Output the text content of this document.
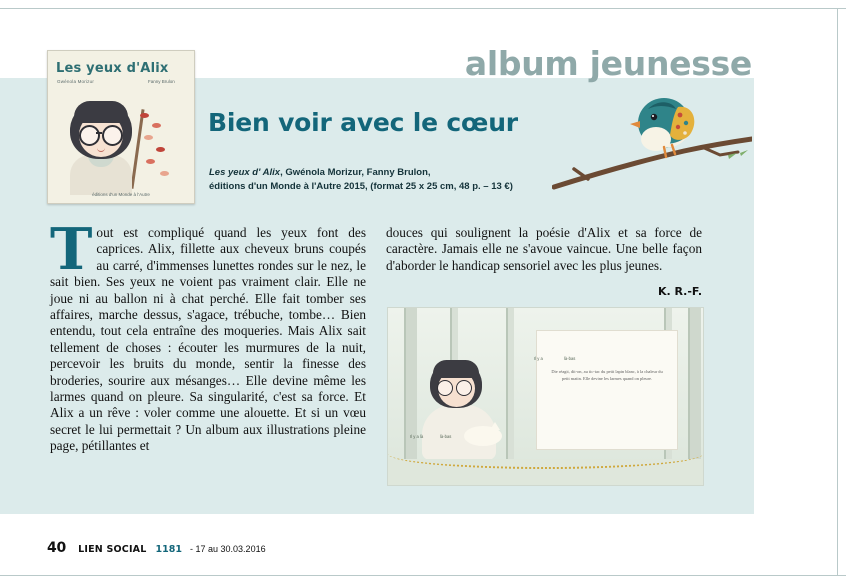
album jeunesse
Les yeux d'Alix
Gwénola Morizur	Fanny Brulon
éditions d'un Monde à l'Autre
Bien voir avec le cœur
Les yeux d' Alix, Gwénola Morizur, Fanny Brulon,
éditions d'un Monde à l'Autre 2015, (format 25 x 25 cm, 48 p. – 13 €)
Tout est compliqué quand les yeux font des caprices. Alix, fillette aux cheveux bruns coupés au carré, d'immenses lunettes rondes sur le nez, le sait bien. Ses yeux ne voient pas vraiment clair. Elle ne joue ni au ballon ni à chat perché. Elle fait tomber ses affaires, marche dessus, s'agace, trébuche, tombe… Bien entendu, tout cela entraîne des moqueries. Mais Alix sait tellement de choses : écouter les murmures de la nuit, percevoir les bruits du monde, sentir la finesse des broderies, sourire aux mésanges… Elle devine même les larmes quand on pleure. Sa singularité, c'est sa force. Et Alix a un rêve : voler comme une alouette. Et si un vœu secret le lui permettait ? Un album aux illustrations pleine page, pétillantes et
douces qui soulignent la poésie d'Alix et sa force de caractère. Jamais elle ne s'avoue vaincue. Une belle façon d'aborder le handicap sensoriel avec les plus jeunes.
K. R.-F.
Die réagit, dit-on, au tic-tac du petit lapin blanc, à la chaleur du petit matin. Elle devine les larmes quand on pleure.
Il y a	là-bas
Il y a là	là-bas
40 LIEN SOCIAL 1181 - 17 au 30.03.2016
